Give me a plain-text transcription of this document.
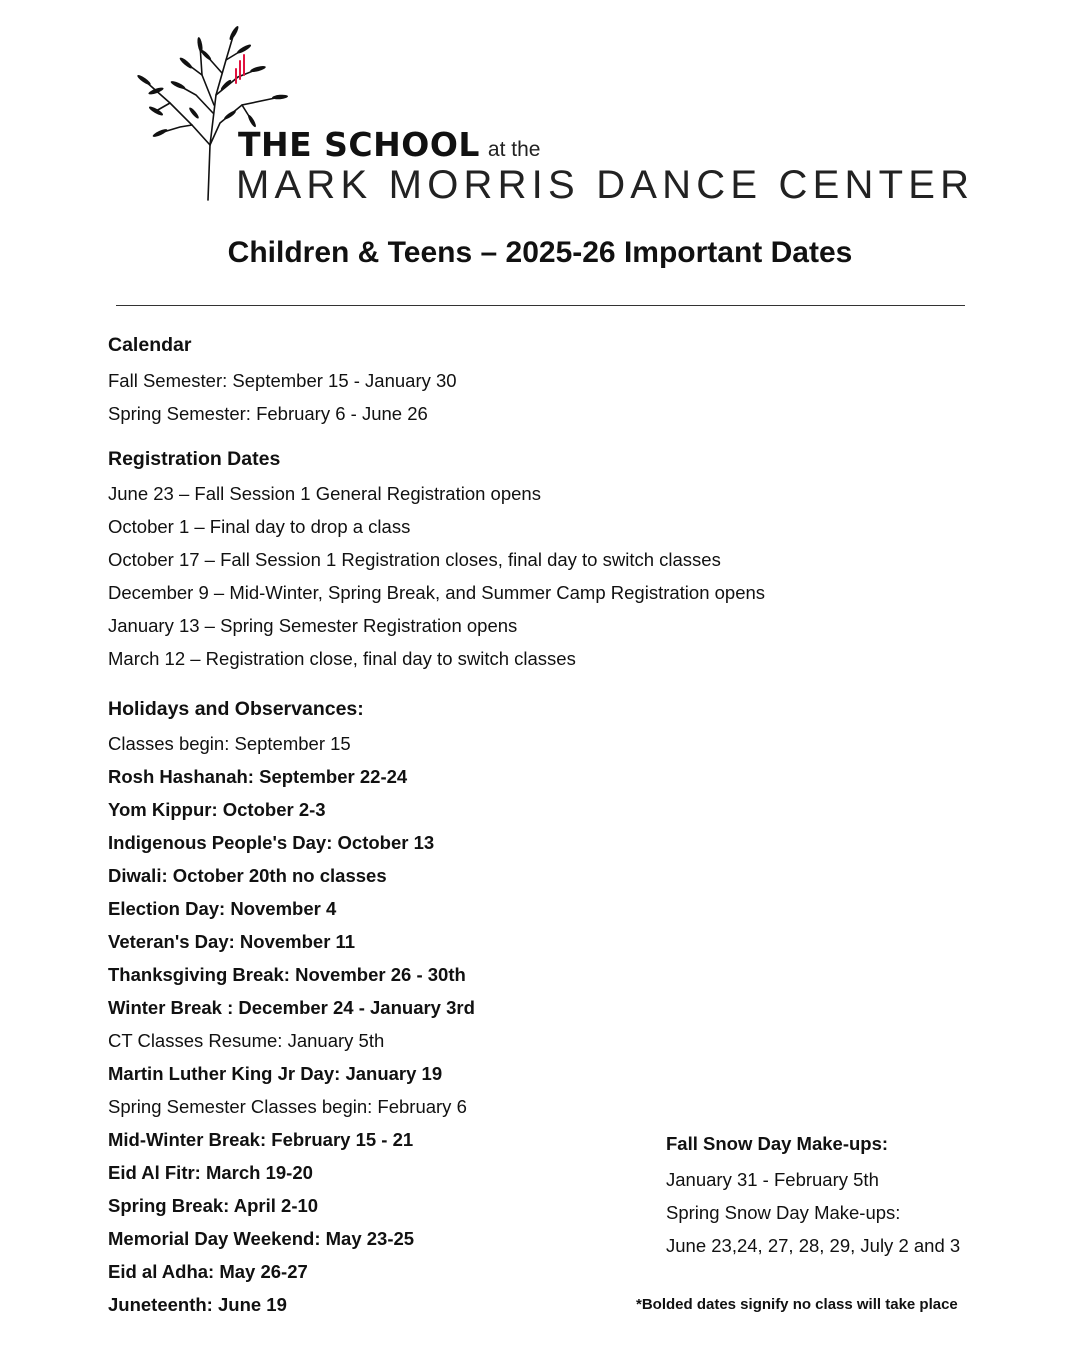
THE SCHOOL at the
MARK MORRIS DANCE CENTER
Children & Teens – 2025-26 Important Dates
Calendar
Fall Semester: September 15 - January 30
Spring Semester: February 6 - June 26
Registration Dates
June 23 – Fall Session 1 General Registration opens
October 1 – Final day to drop a class
October 17 – Fall Session 1 Registration closes, final day to switch classes
December 9 – Mid-Winter, Spring Break, and Summer Camp Registration opens
January 13 – Spring Semester Registration opens
March 12 – Registration close, final day to switch classes
Holidays and Observances:
Classes begin: September 15
Rosh Hashanah: September 22-24
Yom Kippur: October 2-3
Indigenous People's Day: October 13
Diwali: October 20th no classes
Election Day: November 4
Veteran's Day: November 11
Thanksgiving Break: November 26 - 30th
Winter Break : December 24 - January 3rd
CT Classes Resume: January 5th
Martin Luther King Jr Day: January 19
Spring Semester Classes begin: February 6
Mid-Winter Break: February 15 - 21
Eid Al Fitr: March 19-20
Spring Break: April 2-10
Memorial Day Weekend: May 23-25
Eid al Adha: May 26-27
Juneteenth: June 19
Fall Snow Day Make-ups:
January 31 - February 5th
Spring Snow Day Make-ups:
June 23,24, 27, 28, 29, July 2 and 3
*Bolded dates signify no class will take place
